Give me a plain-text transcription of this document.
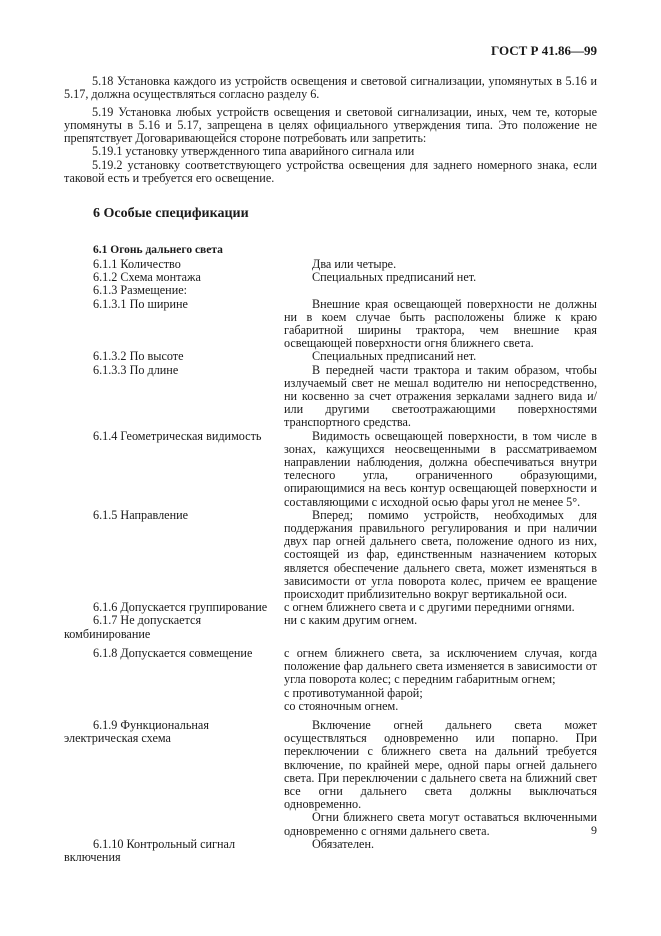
ГОСТ Р 41.86—99

5.18 Установка каждого из устройств освещения и световой сигнализации, упомянутых в 5.16 и 5.17, должна осуществляться согласно разделу 6.

5.19 Установка любых устройств освещения и световой сигнализации, иных, чем те, которые упомянуты в 5.16 и 5.17, запрещена в целях официального утверждения типа. Это положение не препятствует Договаривающейся стороне потребовать или запретить:

5.19.1 установку утвержденного типа аварийного сигнала или

5.19.2 установку соответствующего устройства освещения для заднего номерного знака, если таковой есть и требуется его освещение.

6 Особые спецификации
6.1 Огонь дальнего света
6.1.1 Количество	Два или четыре.
6.1.2 Схема монтажа	Специальных предписаний нет.
6.1.3 Размещение:	
6.1.3.1 По ширине	Внешние края освещающей поверхности не должны ни в коем случае быть расположены ближе к краю габаритной ширины трактора, чем внешние края освещающей поверхности огня ближнего света.
6.1.3.2 По высоте	Специальных предписаний нет.
6.1.3.3 По длине	В передней части трактора и таким образом, чтобы излучаемый свет не мешал водителю ни непосредственно, ни косвенно за счет отражения зеркалами заднего вида и/или другими светоотражающими поверхностями транспортного средства.
6.1.4 Геометрическая видимость	Видимость освещающей поверхности, в том числе в зонах, кажущихся неосвещенными в рассматриваемом направлении наблюдения, должна обеспечиваться внутри телесного угла, ограниченного образующими, опирающимися на весь контур освещающей поверхности и составляющими с исходной осью фары угол не менее 5°.
6.1.5 Направление	Вперед; помимо устройств, необходимых для поддержания правильного регулирования и при наличии двух пар огней дальнего света, положение одного из них, состоящей из фар, единственным назначением которых является обеспечение дальнего света, может изменяться в зависимости от угла поворота колес, причем ее вращение происходит приблизительно вокруг вертикальной оси.
6.1.6 Допускается группирование	с огнем ближнего света и с другими передними огнями.
6.1.7 Не допускается комбинирование	ни с каким другим огнем.

6.1.8 Допускается совмещение	с огнем ближнего света, за исключением случая, когда положение фар дальнего света изменяется в зависимости от угла поворота колес; с передним габаритным огнем;
с противотуманной фарой;
со стояночным огнем.

6.1.9 Функциональная электрическая схема	Включение огней дальнего света может осуществляться одновременно или попарно. При переключении с ближнего света на дальний требуется включение, по крайней мере, одной пары огней дальнего света. При переключении с дальнего света на ближний свет все огни дальнего света должны выключаться одновременно.
Огни ближнего света могут оставаться включенными одновременно с огнями дальнего света.

6.1.10 Контрольный сигнал включения	Обязателен.
9
